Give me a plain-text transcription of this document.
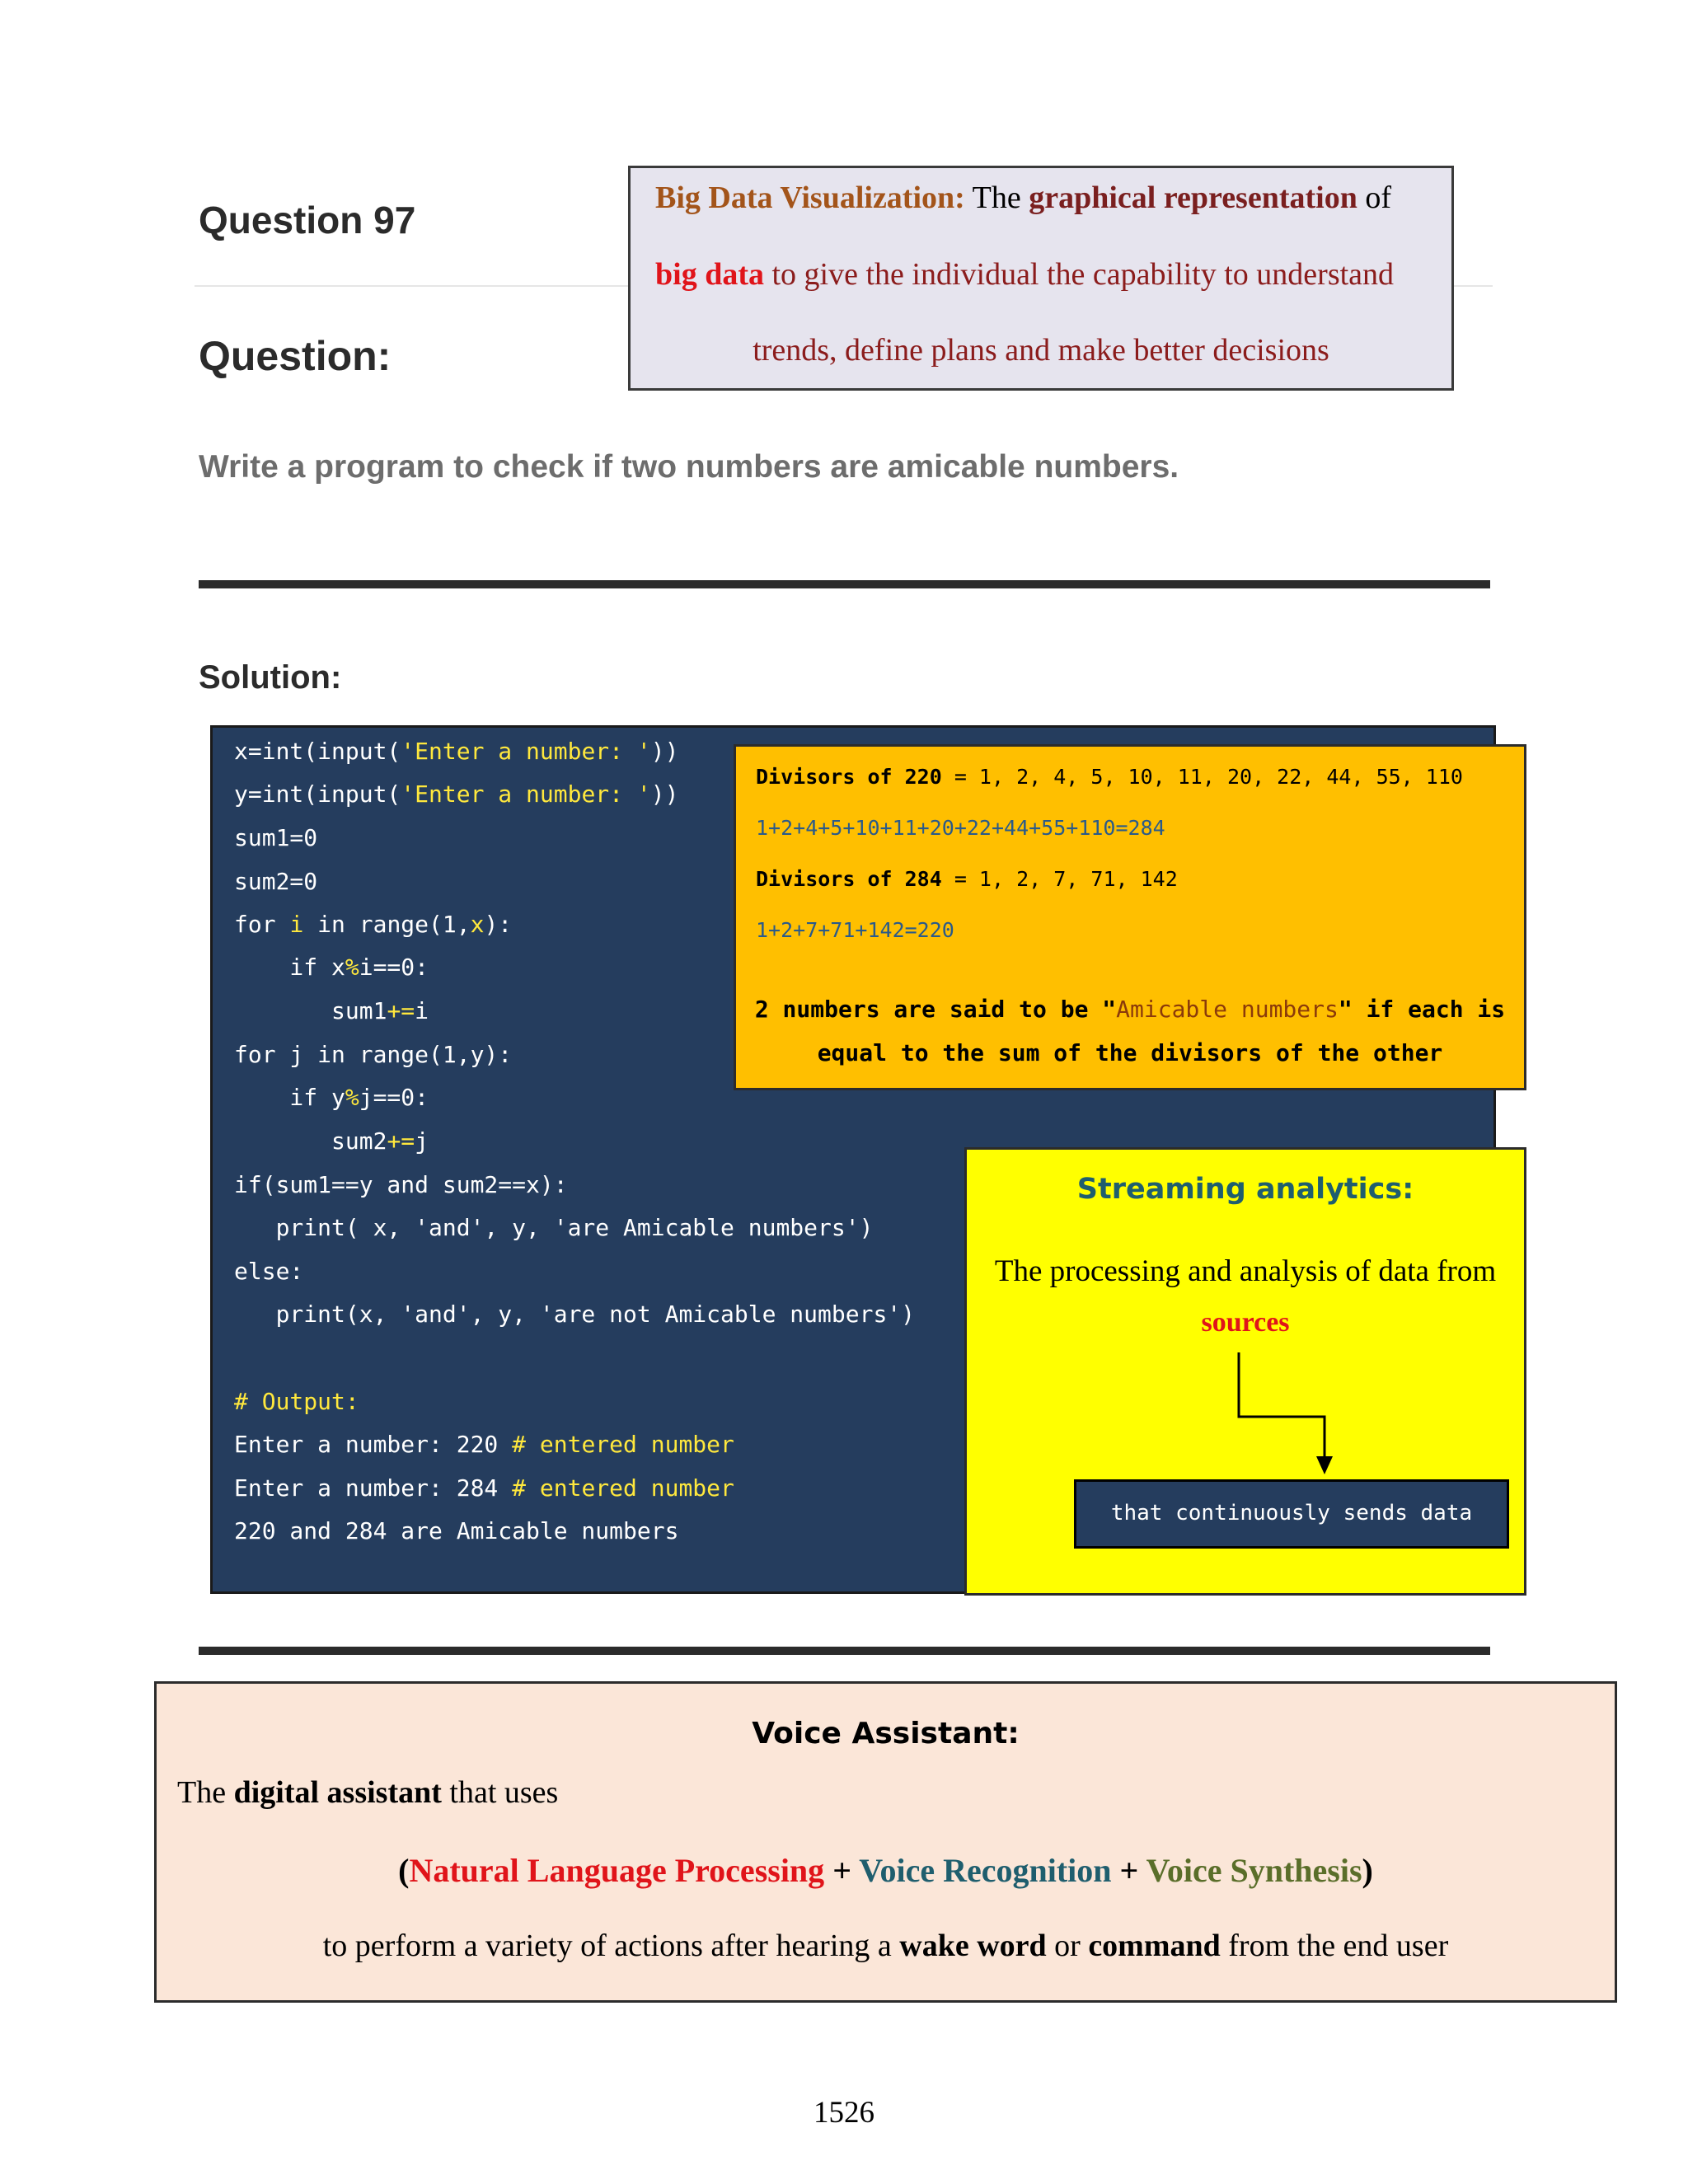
Question 97
Question:
Write a program to check if two numbers are amicable numbers.
Solution:
Big Data Visualization: The graphical representation of
big data to give the individual the capability to understand
trends, define plans and make better decisions
x=int(input('Enter a number: '))
y=int(input('Enter a number: '))
sum1=0
sum2=0
for i in range(1,x):
if x%i==0:
sum1+=i
for j in range(1,y):
if y%j==0:
sum2+=j
if(sum1==y and sum2==x):
print( x, 'and', y, 'are Amicable numbers')
else:
print(x, 'and', y, 'are not Amicable numbers')
# Output:
Enter a number: 220 # entered number
Enter a number: 284 # entered number
220 and 284 are Amicable numbers
Divisors of 220 = 1, 2, 4, 5, 10, 11, 20, 22, 44, 55, 110
1+2+4+5+10+11+20+22+44+55+110=284
Divisors of 284 = 1, 2, 7, 71, 142
1+2+7+71+142=220
2 numbers are said to be "Amicable numbers" if each is
equal to the sum of the divisors of the other
Streaming analytics:
The processing and analysis of data from
sources
that continuously sends data
Voice Assistant:
The digital assistant that uses
(Natural Language Processing + Voice Recognition + Voice Synthesis)
to perform a variety of actions after hearing a wake word or command from the end user
1526
